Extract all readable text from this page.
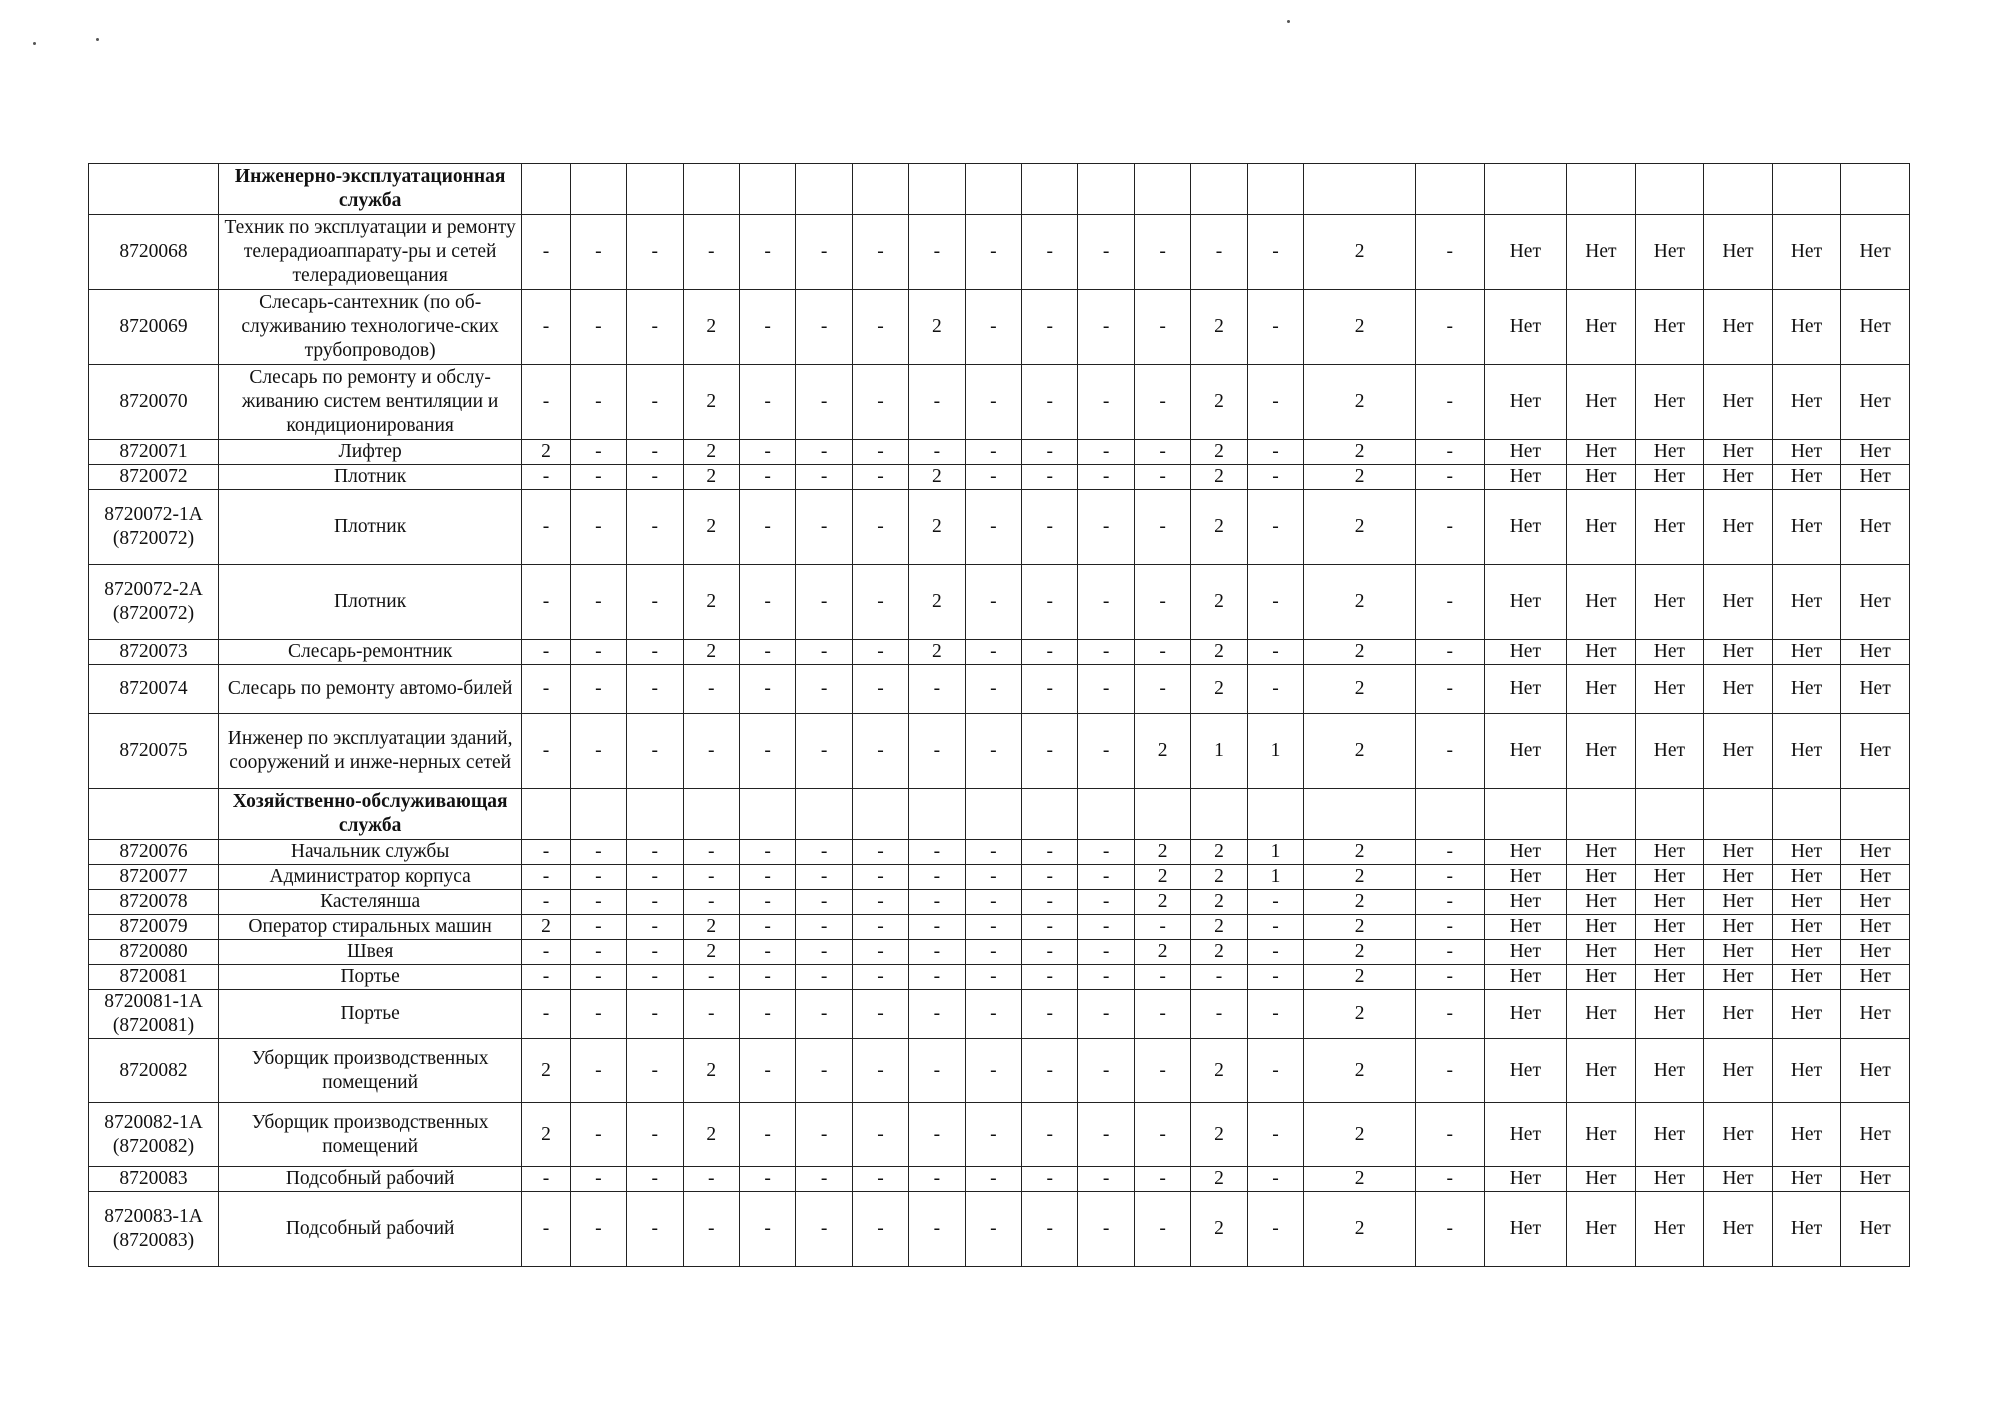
	Инженерно-эксплуатационная служба																						
8720068	Техник по эксплуатации и ремонту телерадиоаппарату-ры и сетей телерадиовещания	-	-	-	-	-	-	-	-	-	-	-	-	-	-	2	-	Нет	Нет	Нет	Нет	Нет	Нет
8720069	Слесарь-сантехник (по об-служиванию технологиче-ских трубопроводов)	-	-	-	2	-	-	-	2	-	-	-	-	2	-	2	-	Нет	Нет	Нет	Нет	Нет	Нет
8720070	Слесарь по ремонту и обслу-живанию систем вентиляции и кондиционирования	-	-	-	2	-	-	-	-	-	-	-	-	2	-	2	-	Нет	Нет	Нет	Нет	Нет	Нет
8720071	Лифтер	2	-	-	2	-	-	-	-	-	-	-	-	2	-	2	-	Нет	Нет	Нет	Нет	Нет	Нет
8720072	Плотник	-	-	-	2	-	-	-	2	-	-	-	-	2	-	2	-	Нет	Нет	Нет	Нет	Нет	Нет
8720072-1А (8720072)	Плотник	-	-	-	2	-	-	-	2	-	-	-	-	2	-	2	-	Нет	Нет	Нет	Нет	Нет	Нет
8720072-2А (8720072)	Плотник	-	-	-	2	-	-	-	2	-	-	-	-	2	-	2	-	Нет	Нет	Нет	Нет	Нет	Нет
8720073	Слесарь-ремонтник	-	-	-	2	-	-	-	2	-	-	-	-	2	-	2	-	Нет	Нет	Нет	Нет	Нет	Нет
8720074	Слесарь по ремонту автомо-билей	-	-	-	-	-	-	-	-	-	-	-	-	2	-	2	-	Нет	Нет	Нет	Нет	Нет	Нет
8720075	Инженер по эксплуатации зданий, сооружений и инже-нерных сетей	-	-	-	-	-	-	-	-	-	-	-	2	1	1	2	-	Нет	Нет	Нет	Нет	Нет	Нет
	Хозяйственно-обслуживающая служба																						
8720076	Начальник службы	-	-	-	-	-	-	-	-	-	-	-	2	2	1	2	-	Нет	Нет	Нет	Нет	Нет	Нет
8720077	Администратор корпуса	-	-	-	-	-	-	-	-	-	-	-	2	2	1	2	-	Нет	Нет	Нет	Нет	Нет	Нет
8720078	Кастелянша	-	-	-	-	-	-	-	-	-	-	-	2	2	-	2	-	Нет	Нет	Нет	Нет	Нет	Нет
8720079	Оператор стиральных машин	2	-	-	2	-	-	-	-	-	-	-	-	2	-	2	-	Нет	Нет	Нет	Нет	Нет	Нет
8720080	Швея	-	-	-	2	-	-	-	-	-	-	-	2	2	-	2	-	Нет	Нет	Нет	Нет	Нет	Нет
8720081	Портье	-	-	-	-	-	-	-	-	-	-	-	-	-	-	2	-	Нет	Нет	Нет	Нет	Нет	Нет
8720081-1А (8720081)	Портье	-	-	-	-	-	-	-	-	-	-	-	-	-	-	2	-	Нет	Нет	Нет	Нет	Нет	Нет
8720082	Уборщик производственных помещений	2	-	-	2	-	-	-	-	-	-	-	-	2	-	2	-	Нет	Нет	Нет	Нет	Нет	Нет
8720082-1А (8720082)	Уборщик производственных помещений	2	-	-	2	-	-	-	-	-	-	-	-	2	-	2	-	Нет	Нет	Нет	Нет	Нет	Нет
8720083	Подсобный рабочий	-	-	-	-	-	-	-	-	-	-	-	-	2	-	2	-	Нет	Нет	Нет	Нет	Нет	Нет
8720083-1А (8720083)	Подсобный рабочий	-	-	-	-	-	-	-	-	-	-	-	-	2	-	2	-	Нет	Нет	Нет	Нет	Нет	Нет
